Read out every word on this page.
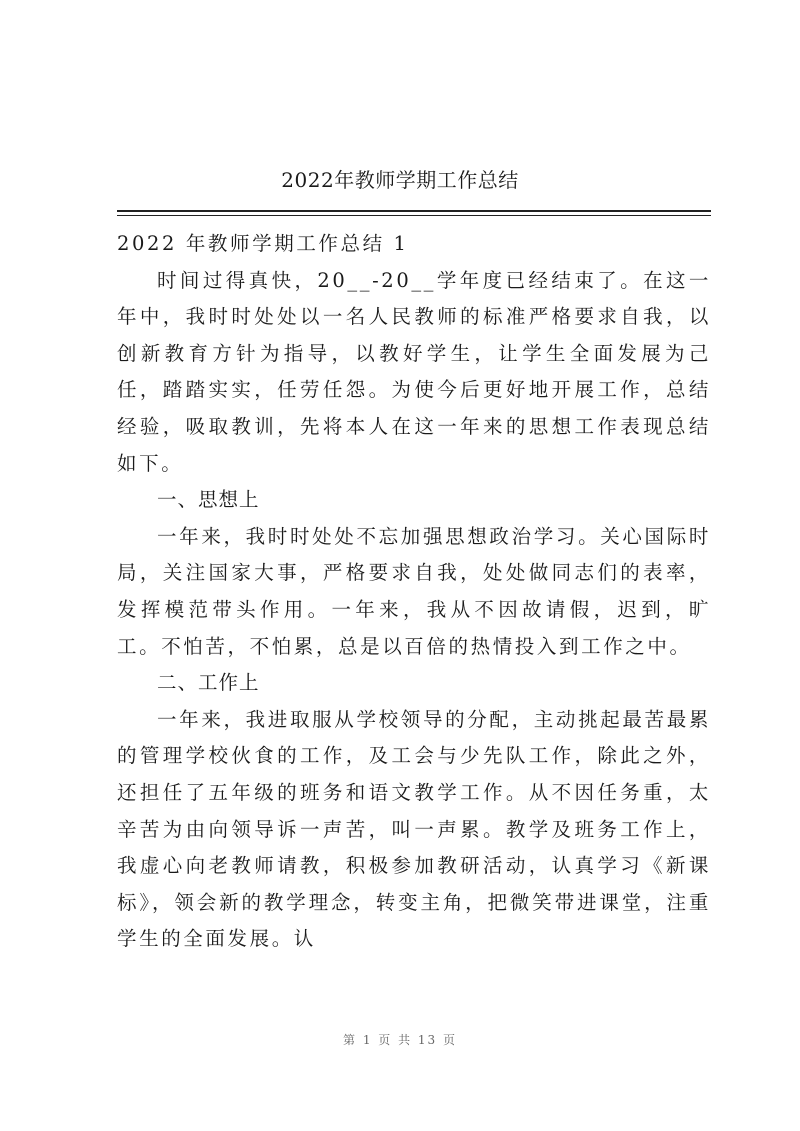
2022年教师学期工作总结

2022 年教师学期工作总结 1

时间过得真快，20__-20__学年度已经结束了。在这一年中，我时时处处以一名人民教师的标准严格要求自我，以创新教育方针为指导，以教好学生，让学生全面发展为己任，踏踏实实，任劳任怨。为使今后更好地开展工作，总结经验，吸取教训，先将本人在这一年来的思想工作表现总结如下。

一、思想上

一年来，我时时处处不忘加强思想政治学习。关心国际时局，关注国家大事，严格要求自我，处处做同志们的表率，发挥模范带头作用。一年来，我从不因故请假，迟到，旷工。不怕苦，不怕累，总是以百倍的热情投入到工作之中。

二、工作上

一年来，我进取服从学校领导的分配，主动挑起最苦最累的管理学校伙食的工作，及工会与少先队工作，除此之外，还担任了五年级的班务和语文教学工作。从不因任务重，太辛苦为由向领导诉一声苦，叫一声累。教学及班务工作上，我虚心向老教师请教，积极参加教研活动，认真学习《新课标》，领会新的教学理念，转变主角，把微笑带进课堂，注重学生的全面发展。认

第 1 页 共 13 页
